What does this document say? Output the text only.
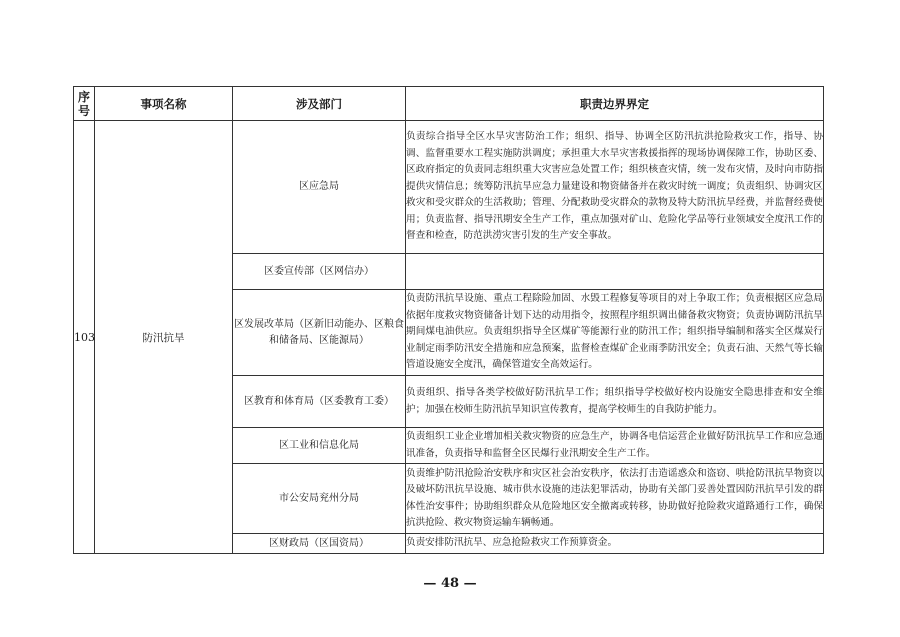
序号	事项名称	涉及部门	职责边界界定
103	防汛抗旱	区应急局	负责综合指导全区水旱灾害防治工作；组织、指导、协调全区防汛抗洪抢险救灾工作，指导、协调、监督重要水工程实施防洪调度；承担重大水旱灾害救援指挥的现场协调保障工作，协助区委、区政府指定的负责同志组织重大灾害应急处置工作；组织核查灾情，统一发布灾情，及时向市防指提供灾情信息；统筹防汛抗旱应急力量建设和物资储备并在救灾时统一调度；负责组织、协调灾区救灾和受灾群众的生活救助；管理、分配救助受灾群众的款物及特大防汛抗旱经费，并监督经费使用；负责监督、指导汛期安全生产工作，重点加强对矿山、危险化学品等行业领域安全度汛工作的督查和检查，防范洪涝灾害引发的生产安全事故。
		区委宣传部（区网信办）	
		区发展改革局（区新旧动能办、区粮食和储备局、区能源局）	负责防汛抗旱设施、重点工程除险加固、水毁工程修复等项目的对上争取工作；负责根据区应急局依据年度救灾物资储备计划下达的动用指令，按照程序组织调出储备救灾物资；负责协调防汛抗旱期间煤电油供应。负责组织指导全区煤矿等能源行业的防汛工作；组织指导编制和落实全区煤炭行业制定雨季防汛安全措施和应急预案，监督检查煤矿企业雨季防汛安全；负责石油、天然气等长输管道设施安全度汛，确保管道安全高效运行。
		区教育和体育局（区委教育工委）	负责组织、指导各类学校做好防汛抗旱工作；组织指导学校做好校内设施安全隐患排查和安全维护；加强在校师生防汛抗旱知识宣传教育，提高学校师生的自我防护能力。
		区工业和信息化局	负责组织工业企业增加相关救灾物资的应急生产，协调各电信运营企业做好防汛抗旱工作和应急通讯准备，负责指导和监督全区民爆行业汛期安全生产工作。
		市公安局兖州分局	负责维护防汛抢险治安秩序和灾区社会治安秩序，依法打击造谣惑众和盗窃、哄抢防汛抗旱物资以及破坏防汛抗旱设施、城市供水设施的违法犯罪活动，协助有关部门妥善处置因防汛抗旱引发的群体性治安事件；协助组织群众从危险地区安全撤离或转移，协助做好抢险救灾道路通行工作，确保抗洪抢险、救灾物资运输车辆畅通。
		区财政局（区国资局）	负责安排防汛抗旱、应急抢险救灾工作预算资金。
— 48 —
